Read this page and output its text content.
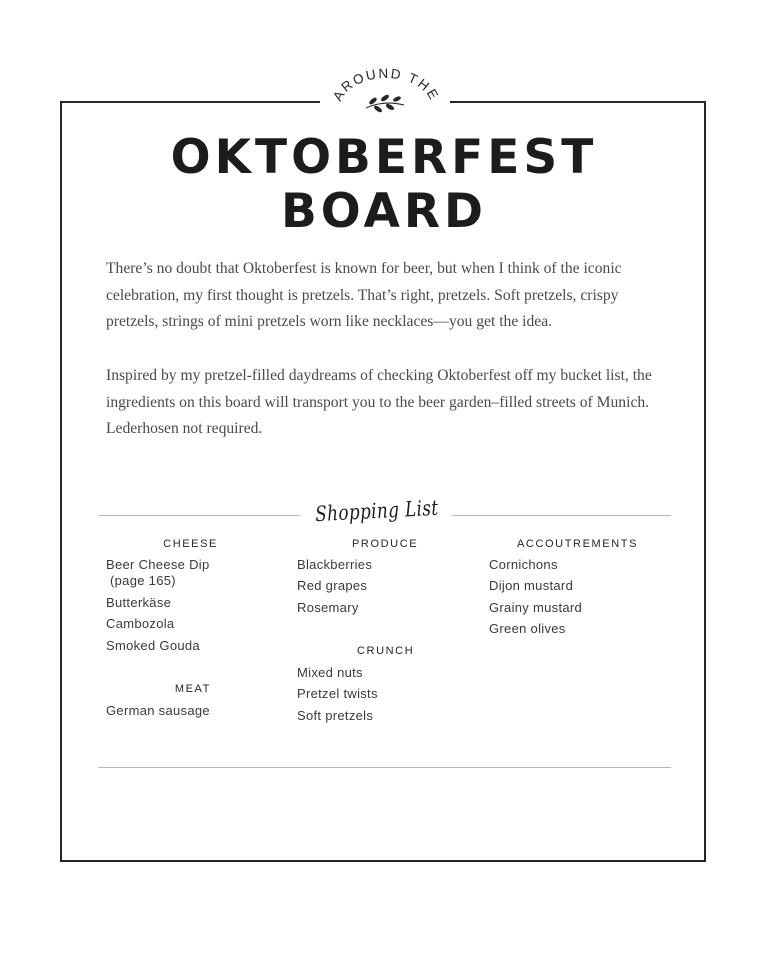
AROUND THE
OKTOBERFEST
BOARD

There’s no doubt that Oktoberfest is known for beer, but when I think of the iconic celebration, my first thought is pretzels. That’s right, pretzels. Soft pretzels, crispy pretzels, strings of mini pretzels worn like necklaces—you get the idea.

Inspired by my pretzel-filled daydreams of checking Oktoberfest off my bucket list, the ingredients on this board will transport you to the beer garden–filled streets of Munich. Lederhosen not required.

Shopping List
CHEESE
Beer Cheese Dip
(page 165)
Butterkäse
Cambozola
Smoked Gouda
MEAT
German sausage
PRODUCE
Blackberries
Red grapes
Rosemary
CRUNCH
Mixed nuts
Pretzel twists
Soft pretzels
ACCOUTREMENTS
Cornichons
Dijon mustard
Grainy mustard
Green olives
